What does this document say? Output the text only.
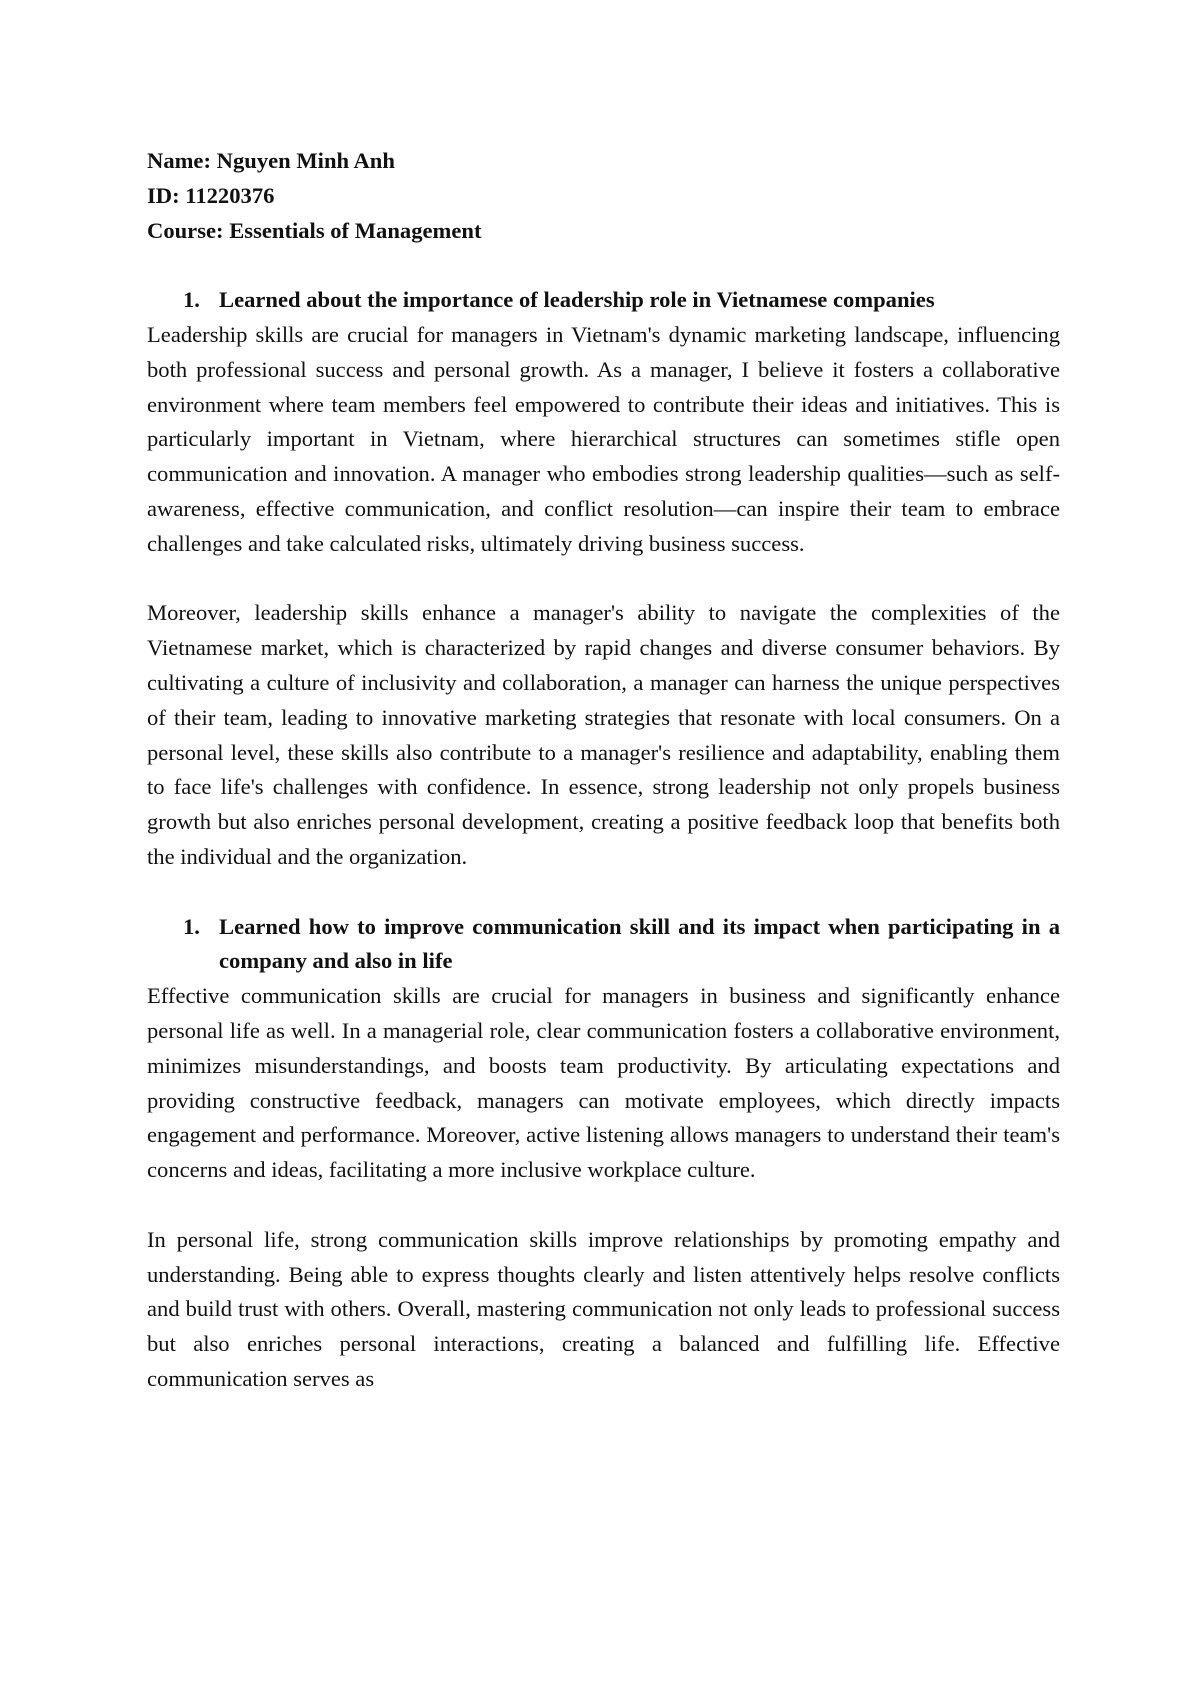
Name: Nguyen Minh Anh

ID: 11220376

Course: Essentials of Management

1. Learned about the importance of leadership role in Vietnamese companies

Leadership skills are crucial for managers in Vietnam's dynamic marketing landscape, influencing both professional success and personal growth. As a manager, I believe it fosters a collaborative environment where team members feel empowered to contribute their ideas and initiatives. This is particularly important in Vietnam, where hierarchical structures can sometimes stifle open communication and innovation. A manager who embodies strong leadership qualities—such as self-awareness, effective communication, and conflict resolution—can inspire their team to embrace challenges and take calculated risks, ultimately driving business success.

Moreover, leadership skills enhance a manager's ability to navigate the complexities of the Vietnamese market, which is characterized by rapid changes and diverse consumer behaviors. By cultivating a culture of inclusivity and collaboration, a manager can harness the unique perspectives of their team, leading to innovative marketing strategies that resonate with local consumers. On a personal level, these skills also contribute to a manager's resilience and adaptability, enabling them to face life's challenges with confidence. In essence, strong leadership not only propels business growth but also enriches personal development, creating a positive feedback loop that benefits both the individual and the organization.

1. Learned how to improve communication skill and its impact when participating in a company and also in life

Effective communication skills are crucial for managers in business and significantly enhance personal life as well. In a managerial role, clear communication fosters a collaborative environment, minimizes misunderstandings, and boosts team productivity. By articulating expectations and providing constructive feedback, managers can motivate employees, which directly impacts engagement and performance. Moreover, active listening allows managers to understand their team's concerns and ideas, facilitating a more inclusive workplace culture.

In personal life, strong communication skills improve relationships by promoting empathy and understanding. Being able to express thoughts clearly and listen attentively helps resolve conflicts and build trust with others. Overall, mastering communication not only leads to professional success but also enriches personal interactions, creating a balanced and fulfilling life. Effective communication serves as
